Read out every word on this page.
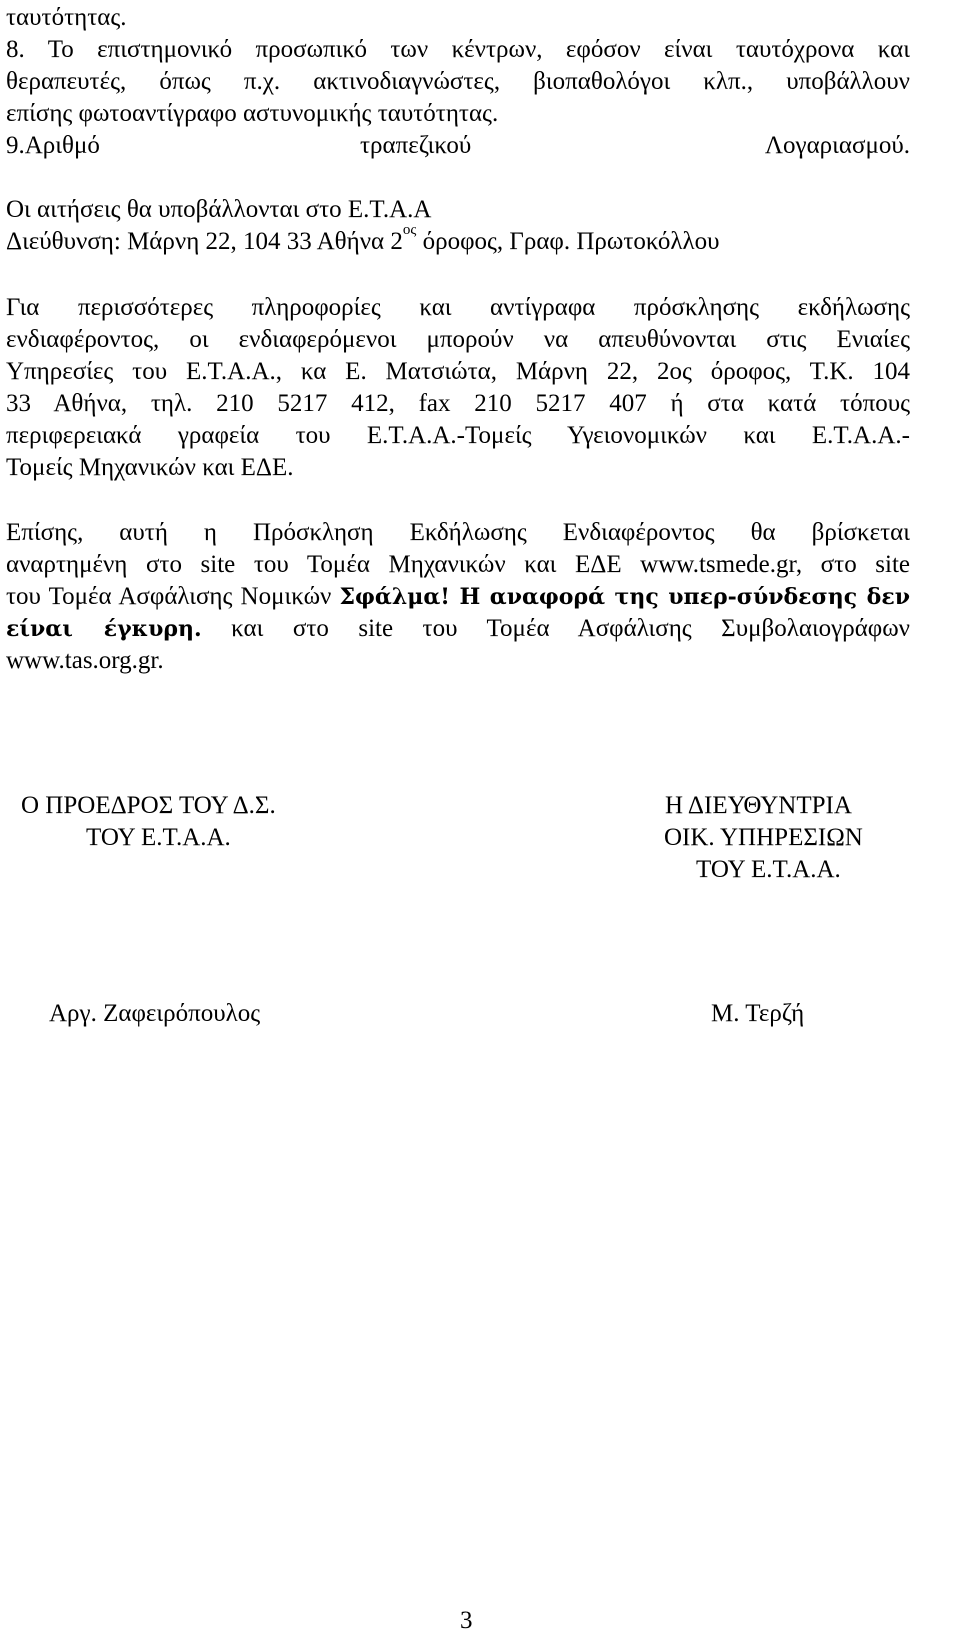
ταυτότητας.
8. Το επιστημονικό προσωπικό των κέντρων, εφόσον είναι ταυτόχρονα και
θεραπευτές, όπως π.χ. ακτινοδιαγνώστες, βιοπαθολόγοι κλπ., υποβάλλουν
επίσης φωτοαντίγραφο αστυνομικής ταυτότητας.
9.Αριθμό	τραπεζικού	Λογαριασμού.
Οι αιτήσεις θα υποβάλλονται στο Ε.Τ.Α.Α
Διεύθυνση: Μάρνη 22, 104 33 Αθήνα $2^{o\varsigma}$ όροφος, Γραφ. Πρωτοκόλλου
Για περισσότερες πληροφορίες και αντίγραφα πρόσκλησης εκδήλωσης
ενδιαφέροντος, οι ενδιαφερόμενοι μπορούν να απευθύνονται στις Ενιαίες
Υπηρεσίες του Ε.Τ.Α.Α., κα Ε. Ματσιώτα, Μάρνη 22, 2ος όροφος, Τ.Κ. 104
33 Αθήνα, τηλ. 210 5217 412, fax 210 5217 407 ή στα κατά τόπους
περιφερειακά γραφεία του Ε.Τ.Α.Α.-Τομείς Υγειονομικών και Ε.Τ.Α.Α.-
Τομείς Μηχανικών και ΕΔΕ.
Επίσης, αυτή η Πρόσκληση Εκδήλωσης Ενδιαφέροντος θα βρίσκεται
αναρτημένη στο site του Τομέα Μηχανικών και ΕΔΕ www.tsmede.gr, στο site
του Τομέα Ασφάλισης Νομικών Σφάλμα! Η αναφορά της υπερ-σύνδεσης δεν
είναι έγκυρη. και στο site του Τομέα Ασφάλισης Συμβολαιογράφων
www.tas.org.gr.
Ο ΠΡΟΕΔΡΟΣ ΤΟΥ Δ.Σ.
ΤΟΥ Ε.Τ.Α.Α.
Η ΔΙΕΥΘΥΝΤΡΙΑ
ΟΙΚ. ΥΠΗΡΕΣΙΩΝ
ΤΟΥ Ε.Τ.Α.Α.
Αργ. Ζαφειρόπουλος	Μ. Τερζή
3
